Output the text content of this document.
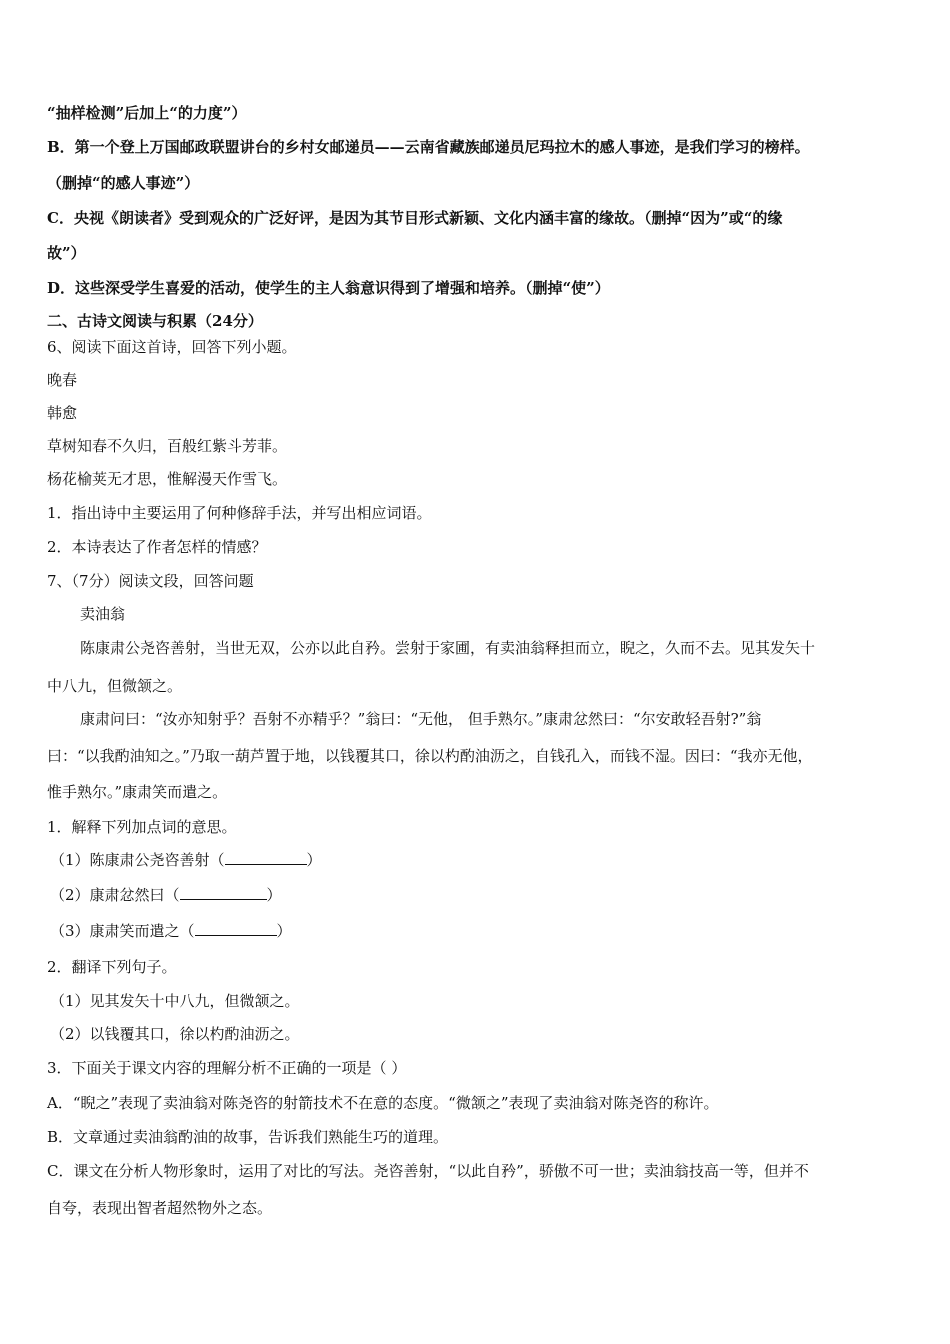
“抽样检测”后加上“的力度”）
B．第一个登上万国邮政联盟讲台的乡村女邮递员——云南省藏族邮递员尼玛拉木的感人事迹，是我们学习的榜样。
（删掉“的感人事迹”）
C．央视《朗读者》受到观众的广泛好评，是因为其节目形式新颖、文化内涵丰富的缘故。（删掉“因为”或“的缘
故”）
D．这些深受学生喜爱的活动，使学生的主人翁意识得到了增强和培养。（删掉“使”）
二、古诗文阅读与积累（24分）
6、阅读下面这首诗，回答下列小题。
晚春
韩愈
草树知春不久归，百般红紫斗芳菲。
杨花榆荚无才思，惟解漫天作雪飞。
1．指出诗中主要运用了何种修辞手法，并写出相应词语。
2．本诗表达了作者怎样的情感？
7、（7分）阅读文段，回答问题
卖油翁
陈康肃公尧咨善射，当世无双，公亦以此自矜。尝射于家圃，有卖油翁释担而立，睨之，久而不去。见其发矢十
中八九，但微颔之。
康肃问曰：“汝亦知射乎？吾射不亦精乎？”翁曰：“无他， 但手熟尔。”康肃忿然曰：“尔安敢轻吾射?”翁
曰：“以我酌油知之。”乃取一葫芦置于地，以钱覆其口，徐以杓酌油沥之，自钱孔入，而钱不湿。因曰：“我亦无他，
惟手熟尔。”康肃笑而遣之。
1．解释下列加点词的意思。
（1）陈康肃公尧咨善射（	）
（2）康肃忿然曰（	）
（3）康肃笑而遣之（	）
2．翻译下列句子。
（1）见其发矢十中八九，但微颔之。
（2）以钱覆其口，徐以杓酌油沥之。
3．下面关于课文内容的理解分析不正确的一项是（ ）
A．“睨之”表现了卖油翁对陈尧咨的射箭技术不在意的态度。“微颔之”表现了卖油翁对陈尧咨的称许。
B．文章通过卖油翁酌油的故事，告诉我们熟能生巧的道理。
C．课文在分析人物形象时，运用了对比的写法。尧咨善射，“以此自矜”，骄傲不可一世；卖油翁技高一等，但并不
自夸，表现出智者超然物外之态。
